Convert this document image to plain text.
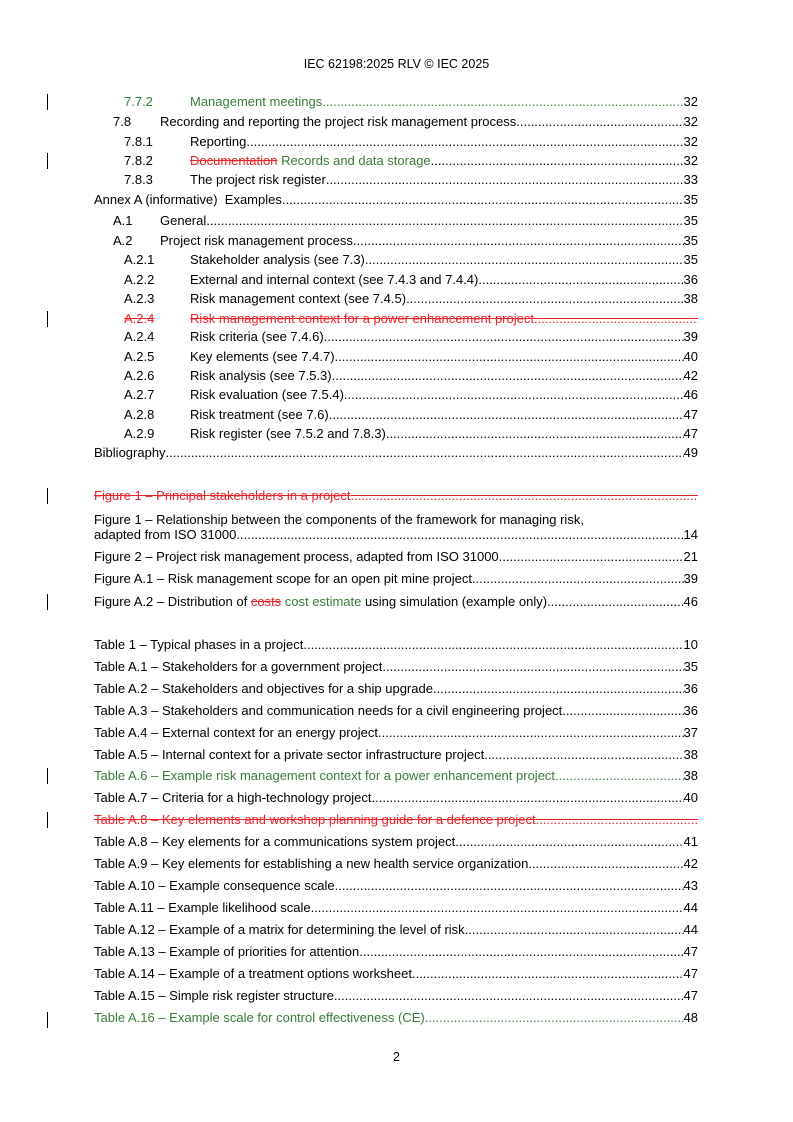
IEC 62198:2025 RLV © IEC 2025
7.7.2	Management meetings .....	32
7.8	Recording and reporting the project risk management process .....	32
7.8.1	Reporting .....	32
7.8.2	Documentation Records and data storage .....	32
7.8.3	The project risk register .....	33
Annex A (informative)  Examples .....	35
A.1	General .....	35
A.2	Project risk management process .....	35
A.2.1	Stakeholder analysis (see 7.3) .....	35
A.2.2	External and internal context (see 7.4.3 and 7.4.4) .....	36
A.2.3	Risk management context (see 7.4.5) .....	38
A.2.4	Risk management context for a power enhancement project
.....
A.2.4	Risk criteria (see 7.4.6) .....	39
A.2.5	Key elements (see 7.4.7) .....	40
A.2.6	Risk analysis (see 7.5.3) .....	42
A.2.7	Risk evaluation (see 7.5.4) .....	46
A.2.8	Risk treatment (see 7.6) .....	47
A.2.9	Risk register (see 7.5.2 and 7.8.3) .....	47
Bibliography .....	49
Figure 1 – Principal stakeholders in a project
.....
Figure 1 – Relationship between the components of the framework for managing risk,
adapted from ISO 31000 .....	14
Figure 2 – Project risk management process, adapted from ISO 31000 .....	21
Figure A.1 – Risk management scope for an open pit mine project .....	39
Figure A.2 – Distribution of costs cost estimate using simulation (example only) .....	46
Table 1 – Typical phases in a project .....	10
Table A.1 – Stakeholders for a government project .....	35
Table A.2 – Stakeholders and objectives for a ship upgrade .....	36
Table A.3 – Stakeholders and communication needs for a civil engineering project .....	36
Table A.4 – External context for an energy project .....	37
Table A.5 – Internal context for a private sector infrastructure project .....	38
Table A.6 – Example risk management context for a power enhancement project .....	38
Table A.7 – Criteria for a high-technology project .....	40
Table A.8 – Key elements and workshop planning guide for a defence project
.....
Table A.8 – Key elements for a communications system project .....	41
Table A.9 – Key elements for establishing a new health service organization .....	42
Table A.10 – Example consequence scale .....	43
Table A.11 – Example likelihood scale .....	44
Table A.12 – Example of a matrix for determining the level of risk .....	44
Table A.13 – Example of priorities for attention .....	47
Table A.14 – Example of a treatment options worksheet .....	47
Table A.15 – Simple risk register structure .....	47
Table A.16 – Example scale for control effectiveness (CE) .....	48
2
